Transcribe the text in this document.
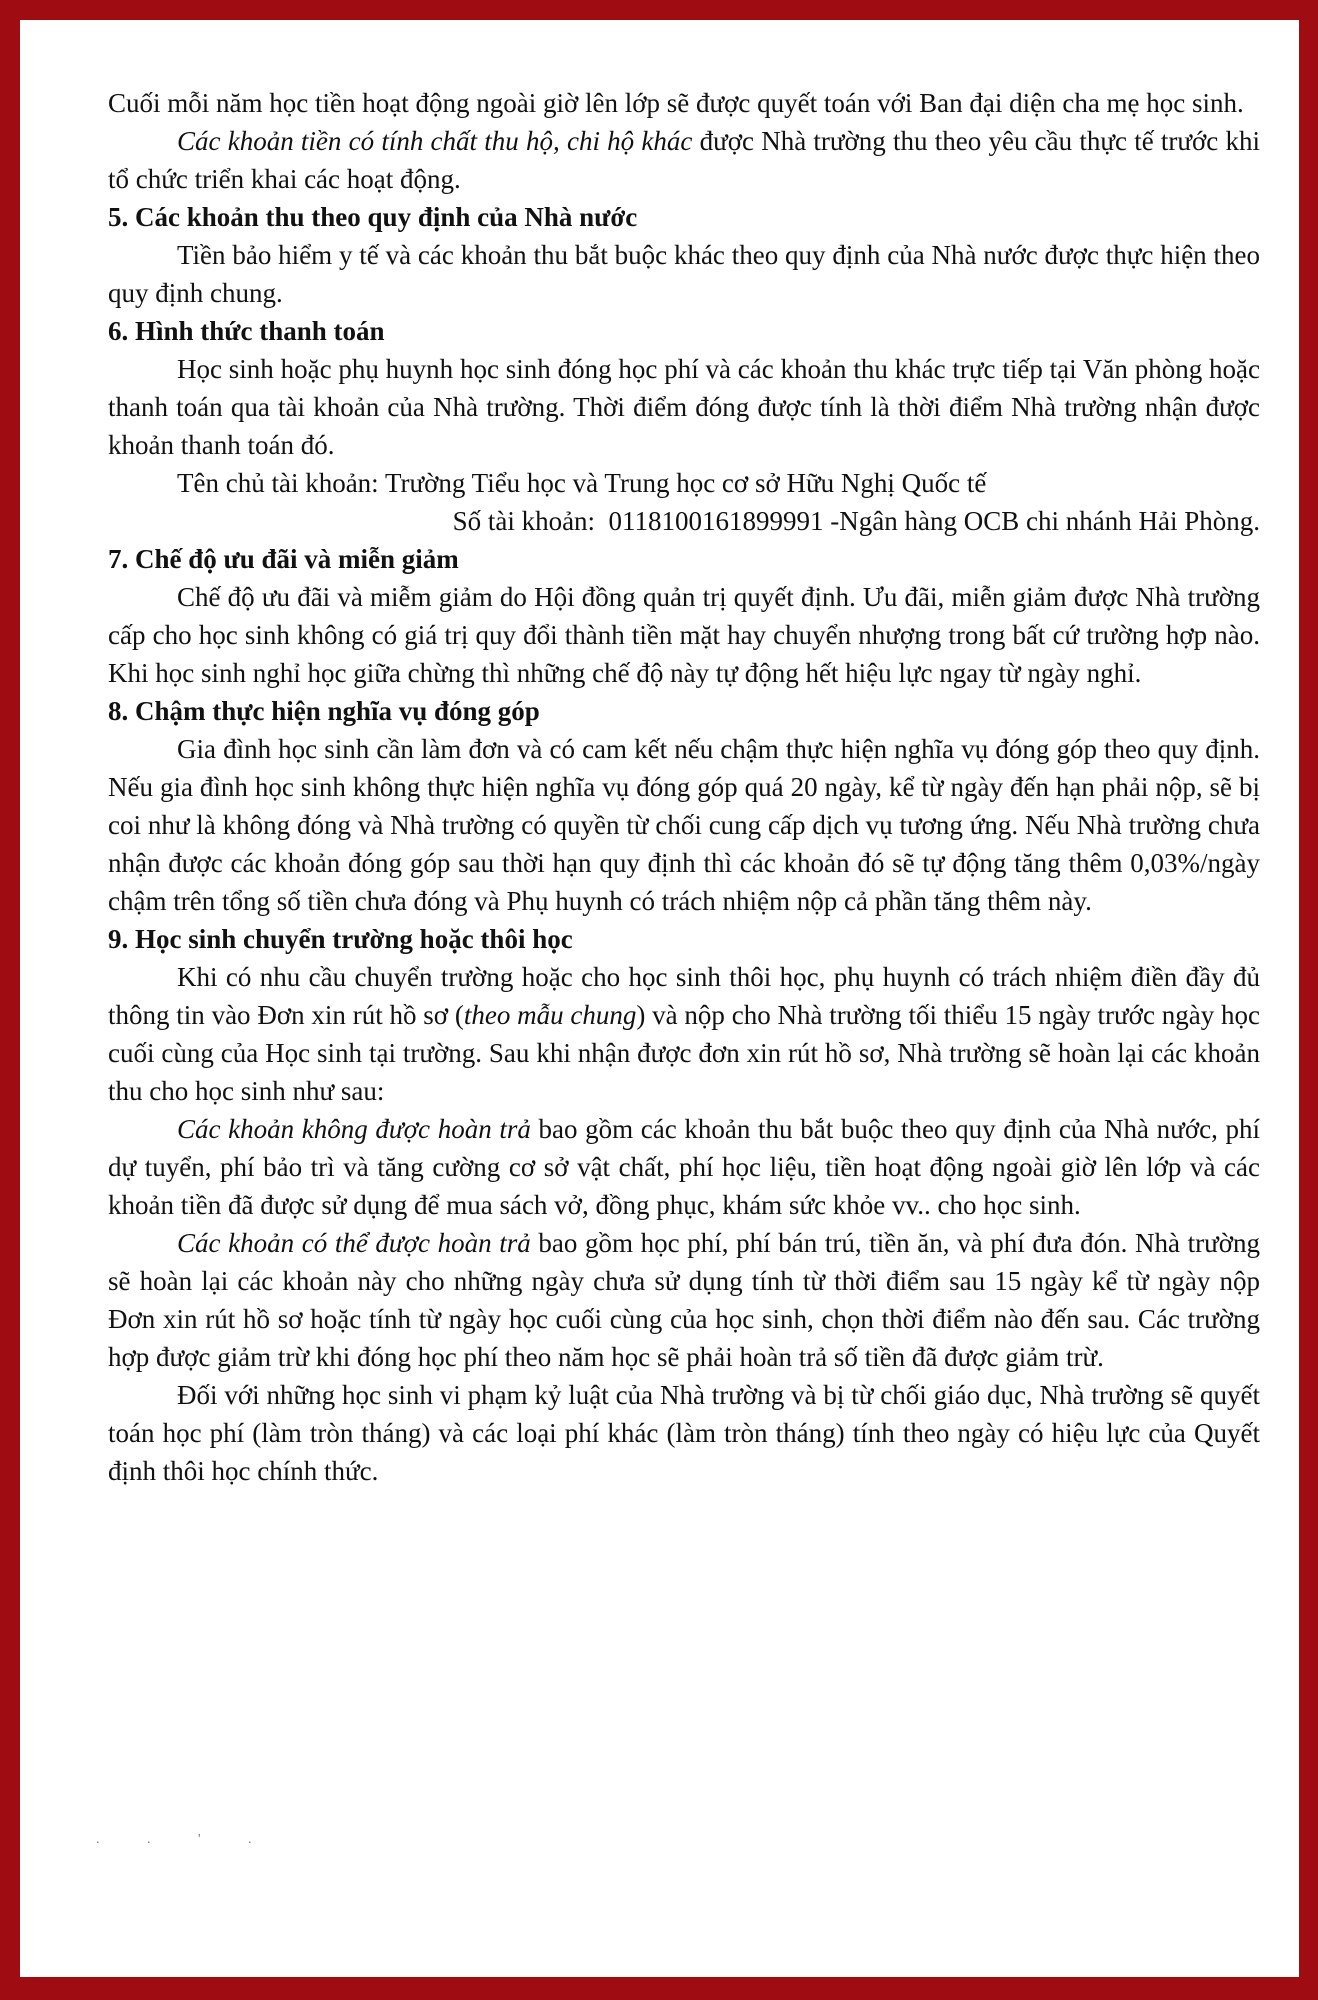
Cuối mỗi năm học tiền hoạt động ngoài giờ lên lớp sẽ được quyết toán với Ban đại diện cha mẹ học sinh.

Các khoản tiền có tính chất thu hộ, chi hộ khác được Nhà trường thu theo yêu cầu thực tế trước khi tổ chức triển khai các hoạt động.

5. Các khoản thu theo quy định của Nhà nước

Tiền bảo hiểm y tế và các khoản thu bắt buộc khác theo quy định của Nhà nước được thực hiện theo quy định chung.

6. Hình thức thanh toán

Học sinh hoặc phụ huynh học sinh đóng học phí và các khoản thu khác trực tiếp tại Văn phòng hoặc thanh toán qua tài khoản của Nhà trường. Thời điểm đóng được tính là thời điểm Nhà trường nhận được khoản thanh toán đó.

Tên chủ tài khoản: Trường Tiểu học và Trung học cơ sở Hữu Nghị Quốc tế

Số tài khoản:  0118100161899991 -Ngân hàng OCB chi nhánh Hải Phòng.

7. Chế độ ưu đãi và miễn giảm

Chế độ ưu đãi và miễm giảm do Hội đồng quản trị quyết định. Ưu đãi, miễn giảm được Nhà trường cấp cho học sinh không có giá trị quy đổi thành tiền mặt hay chuyển nhượng trong bất cứ trường hợp nào. Khi học sinh nghỉ học giữa chừng thì những chế độ này tự động hết hiệu lực ngay từ ngày nghỉ.

8. Chậm thực hiện nghĩa vụ đóng góp

Gia đình học sinh cần làm đơn và có cam kết nếu chậm thực hiện nghĩa vụ đóng góp theo quy định. Nếu gia đình học sinh không thực hiện nghĩa vụ đóng góp quá 20 ngày, kể từ ngày đến hạn phải nộp, sẽ bị coi như là không đóng và Nhà trường có quyền từ chối cung cấp dịch vụ tương ứng. Nếu Nhà trường chưa nhận được các khoản đóng góp sau thời hạn quy định thì các khoản đó sẽ tự động tăng thêm 0,03%/ngày chậm trên tổng số tiền chưa đóng và Phụ huynh có trách nhiệm nộp cả phần tăng thêm này.

9. Học sinh chuyển trường hoặc thôi học

Khi có nhu cầu chuyển trường hoặc cho học sinh thôi học, phụ huynh có trách nhiệm điền đầy đủ thông tin vào Đơn xin rút hồ sơ (theo mẫu chung) và nộp cho Nhà trường tối thiểu 15 ngày trước ngày học cuối cùng của Học sinh tại trường. Sau khi nhận được đơn xin rút hồ sơ, Nhà trường sẽ hoàn lại các khoản thu cho học sinh như sau:

Các khoản không được hoàn trả bao gồm các khoản thu bắt buộc theo quy định của Nhà nước, phí dự tuyển, phí bảo trì và tăng cường cơ sở vật chất, phí học liệu, tiền hoạt động ngoài giờ lên lớp và các khoản tiền đã được sử dụng để mua sách vở, đồng phục, khám sức khỏe vv.. cho học sinh.

Các khoản có thể được hoàn trả bao gồm học phí, phí bán trú, tiền ăn, và phí đưa đón. Nhà trường sẽ hoàn lại các khoản này cho những ngày chưa sử dụng tính từ thời điểm sau 15 ngày kể từ ngày nộp Đơn xin rút hồ sơ hoặc tính từ ngày học cuối cùng của học sinh, chọn thời điểm nào đến sau. Các trường hợp được giảm trừ khi đóng học phí theo năm học sẽ phải hoàn trả số tiền đã được giảm trừ.

Đối với những học sinh vi phạm kỷ luật của Nhà trường và bị từ chối giáo dục, Nhà trường sẽ quyết toán học phí (làm tròn tháng) và các loại phí khác (làm tròn tháng) tính theo ngày có hiệu lực của Quyết định thôi học chính thức.

. . ' .
